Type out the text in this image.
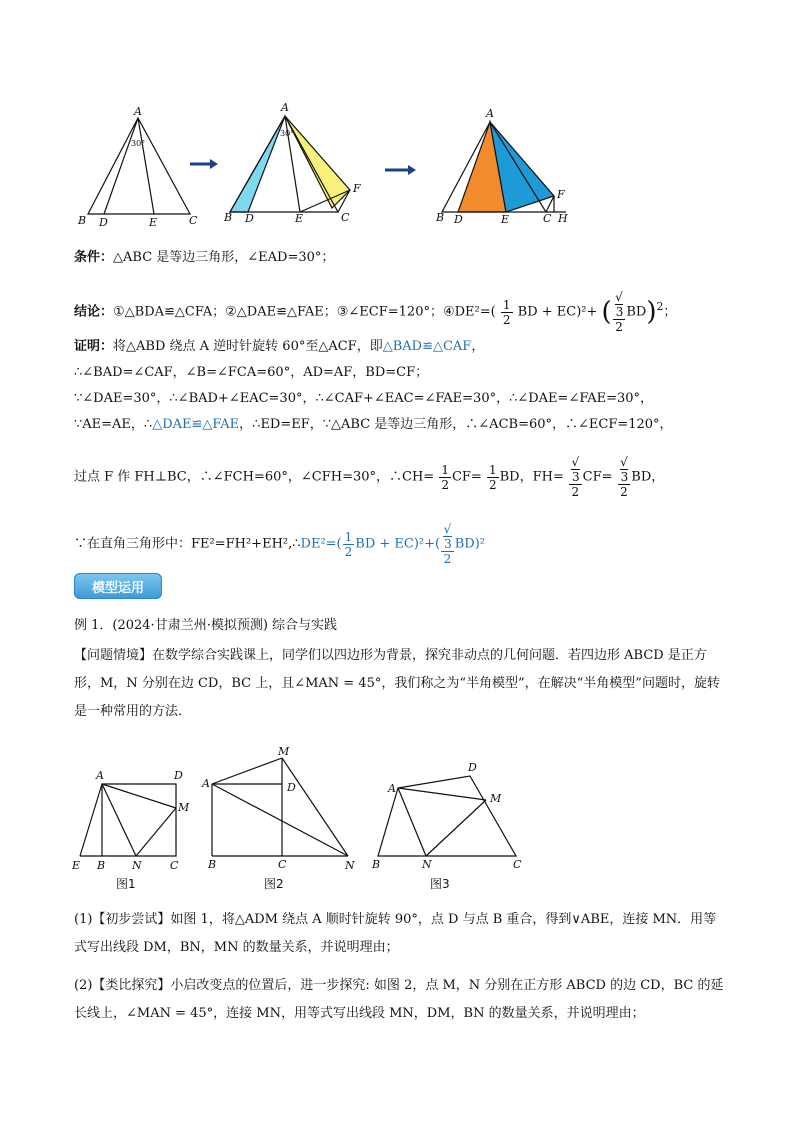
A
B D	E	C
30°
A
B D	E	C
F
30°
A
B D	E	C
F
H
条件：△ABC 是等边三角形，∠EAD=30°；
结论：①△BDA≌△CFA；②△DAE≌△FAE；③∠ECF=120°；④DE²=( $\frac{1}{2}$ BD + EC)²+ ( √
3
2 BD)$^2$；
证明：将△ABD 绕点 A 逆时针旋转 60°至△ACF，即△BAD≌△CAF，
∴∠BAD=∠CAF，∠B=∠FCA=60°，AD=AF，BD=CF；
∵∠DAE=30°，∴∠BAD+∠EAC=30°，∴∠CAF+∠EAC=∠FAE=30°，∴∠DAE=∠FAE=30°，
∵AE=AE，∴△DAE≌△FAE，∴ED=EF，∵△ABC 是等边三角形，∴∠ACB=60°，∴∠ECF=120°，
过点 F 作 FH⊥BC，∴∠FCH=60°，∠CFH=30°，∴CH= $\frac{1}{2} CF= \frac{1}{2}$ BD，FH= √
3
2 CF= √
3
2 BD，
∵在直角三角形中：FE²=FH²+EH²,∴DE²=( $\frac{1}{2}$ BD + EC)²+( √
3
2 BD)²
模型运用
例 1．(2024·甘肃兰州·模拟预测) 综合与实践
【问题情境】在数学综合实践课上，同学们以四边形为背景，探究非动点的几何问题．若四边形 ABCD 是正方形，M，N 分别在边 CD，BC 上，且∠MAN = 45°，我们称之为“半角模型”，在解决“半角模型”问题时，旋转是一种常用的方法．
A	D
M
E B N	C
图1
A
M
D
B	C	N
图2
A
D
M
B	N	C
图3
(1)【初步尝试】如图 1，将△ADM 绕点 A 顺时针旋转 90°，点 D 与点 B 重合，得到∨ABE，连接 MN．用等式写出线段 DM，BN，MN 的数量关系，并说明理由；
(2)【类比探究】小启改变点的位置后，进一步探究: 如图 2，点 M，N 分别在正方形 ABCD 的边 CD，BC 的延长线上，∠MAN = 45°，连接 MN，用等式写出线段 MN，DM，BN 的数量关系，并说明理由；
